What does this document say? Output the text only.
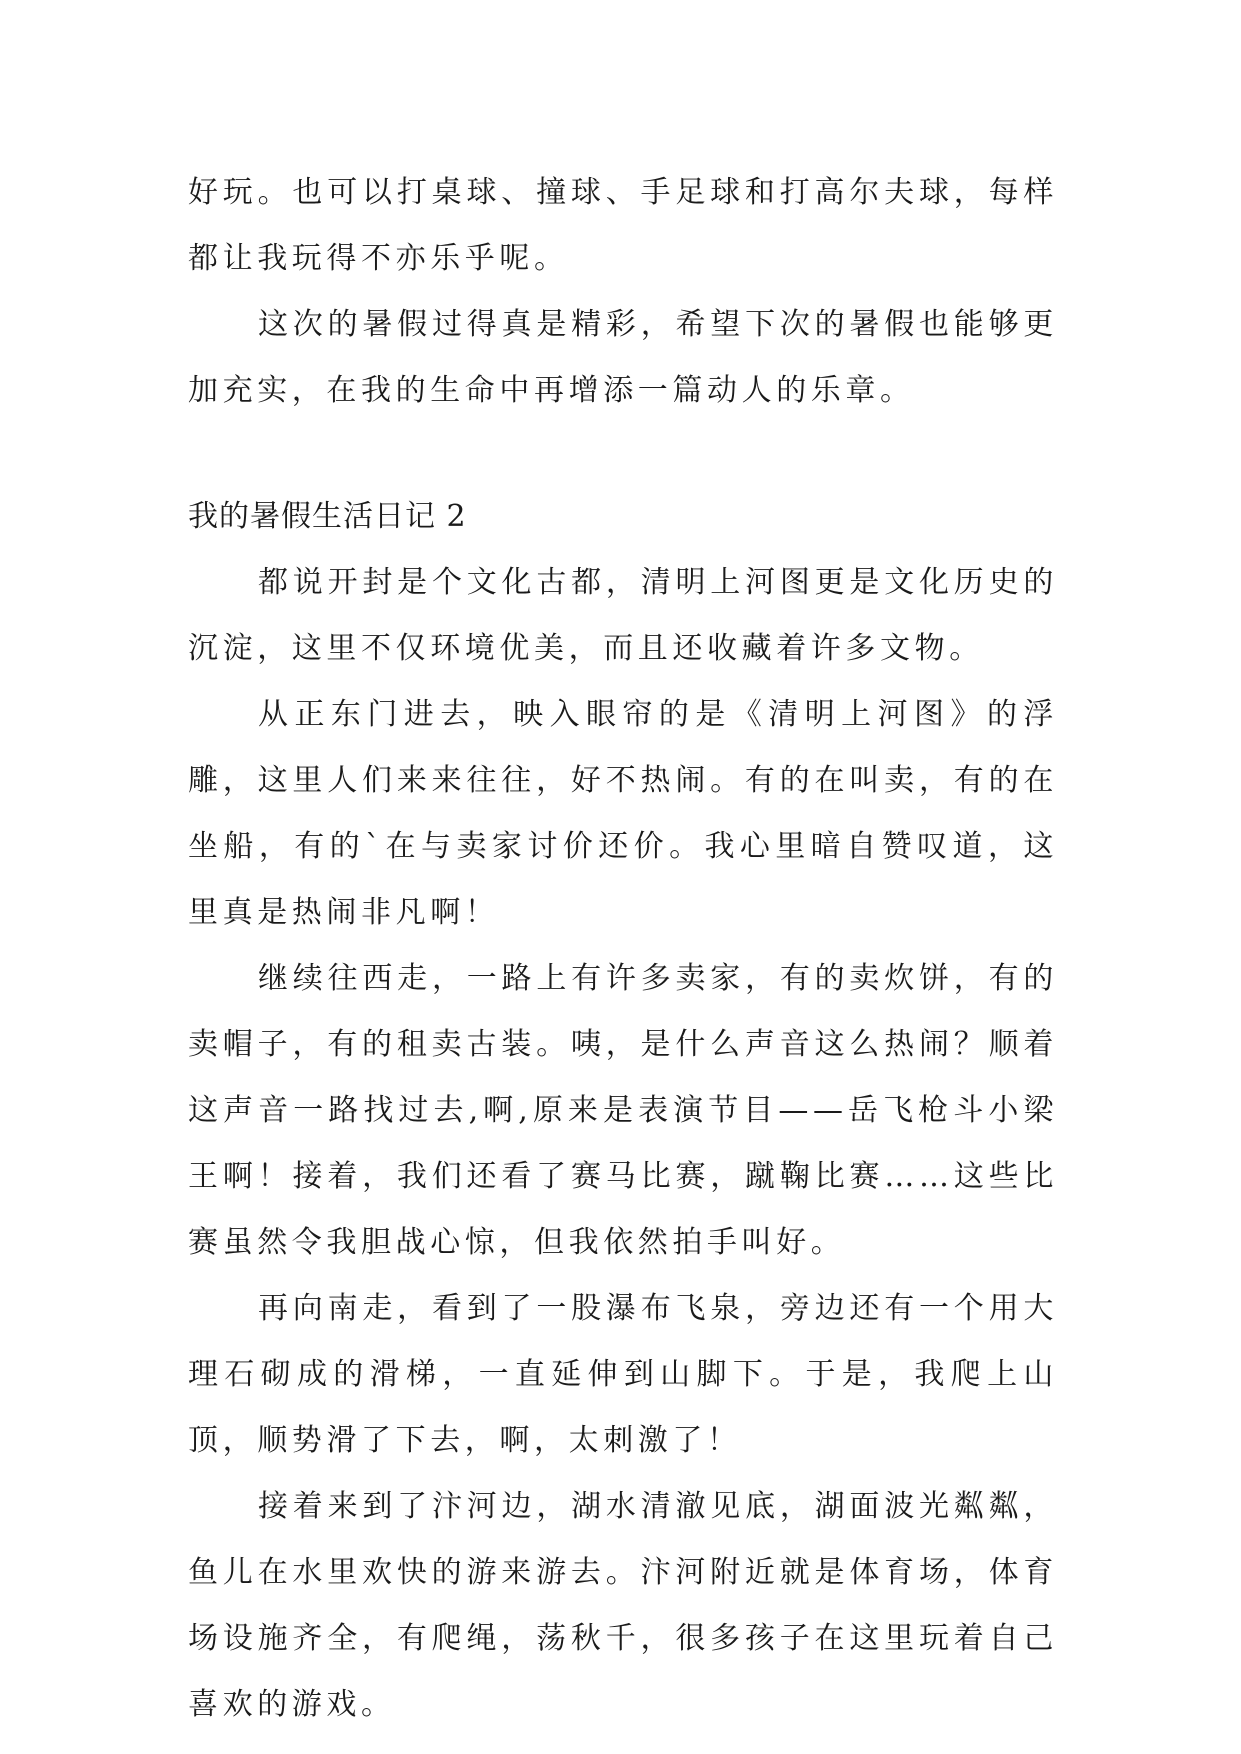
好玩。也可以打桌球、撞球、手足球和打高尔夫球，每样都让我玩得不亦乐乎呢。

这次的暑假过得真是精彩，希望下次的暑假也能够更加充实，在我的生命中再增添一篇动人的乐章。

我的暑假生活日记 2

都说开封是个文化古都，清明上河图更是文化历史的沉淀，这里不仅环境优美，而且还收藏着许多文物。

从正东门进去，映入眼帘的是《清明上河图》的浮雕，这里人们来来往往，好不热闹。有的在叫卖，有的在坐船，有的`在与卖家讨价还价。我心里暗自赞叹道，这里真是热闹非凡啊！

继续往西走，一路上有许多卖家，有的卖炊饼，有的卖帽子，有的租卖古装。咦，是什么声音这么热闹？顺着这声音一路找过去,啊,原来是表演节目——岳飞枪斗小梁王啊！接着，我们还看了赛马比赛，蹴鞠比赛……这些比赛虽然令我胆战心惊，但我依然拍手叫好。

再向南走，看到了一股瀑布飞泉，旁边还有一个用大理石砌成的滑梯，一直延伸到山脚下。于是，我爬上山顶，顺势滑了下去，啊，太刺激了！

接着来到了汴河边，湖水清澈见底，湖面波光粼粼，鱼儿在水里欢快的游来游去。汴河附近就是体育场，体育场设施齐全，有爬绳，荡秋千，很多孩子在这里玩着自己喜欢的游戏。
